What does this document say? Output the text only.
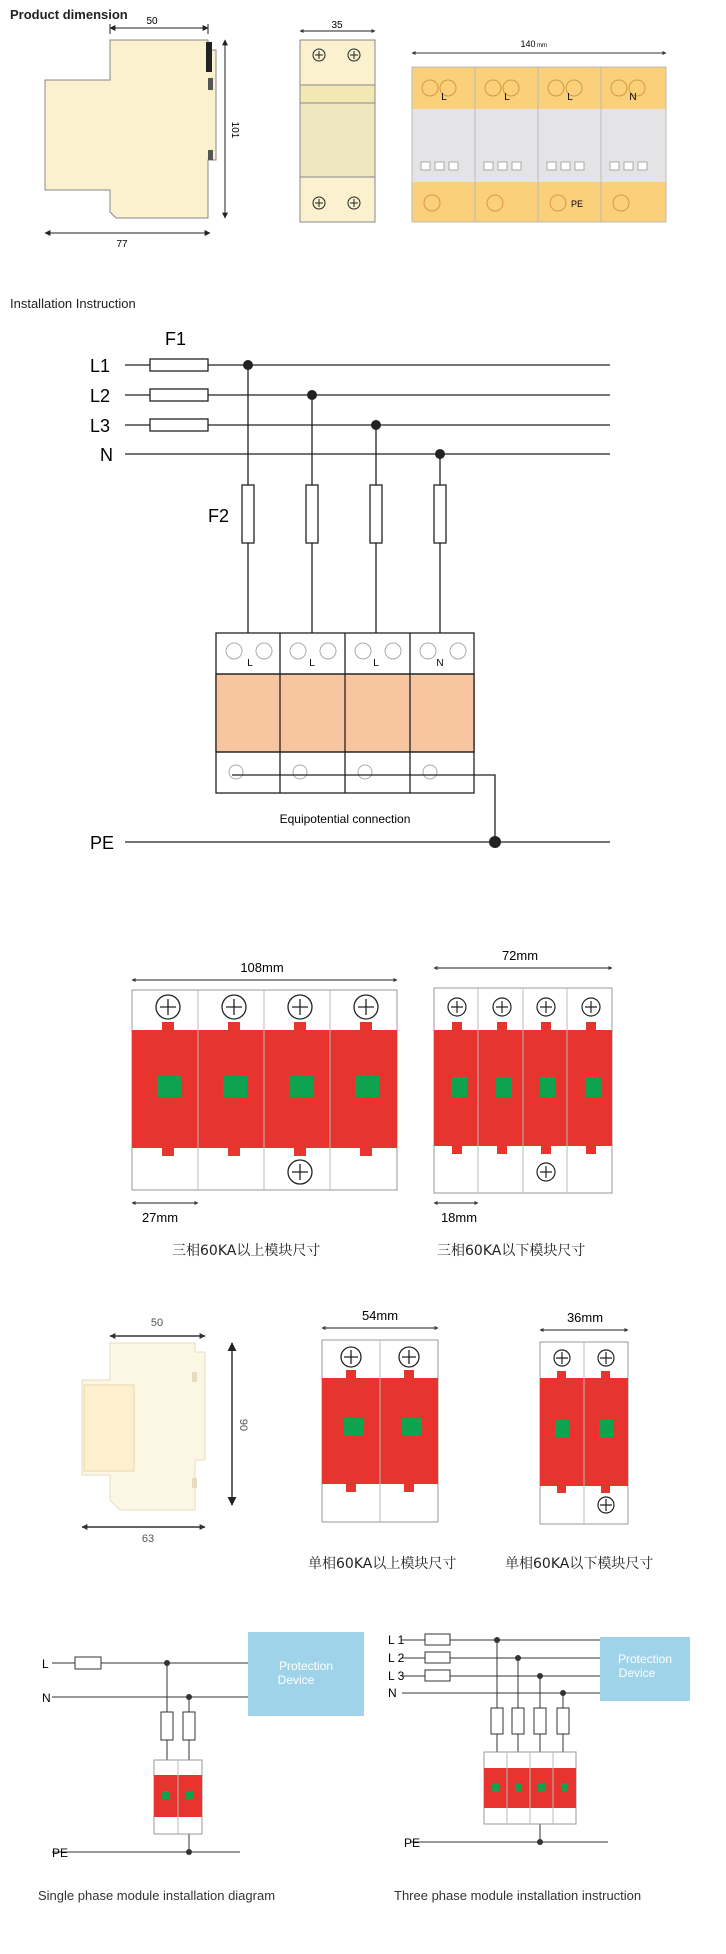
Product dimension
Installation Instruction
三相60KA以上模块尺寸	三相60KA以下模块尺寸
单相60KA以上模块尺寸	单相60KA以下模块尺寸
Single phase module installation diagram	Three phase module installation instruction
50
101
77
35
140 mm
L	L	L	N
PE
F1
F2
L1
L2
L3
N
PE
L	L	L	N
Equipotential connection
108mm
27mm
72mm
18mm
50
90
63
54mm	36mm
Protection
Device
L
N
PE
Protection
Device
L 1
L 2
L 3
N
PE
